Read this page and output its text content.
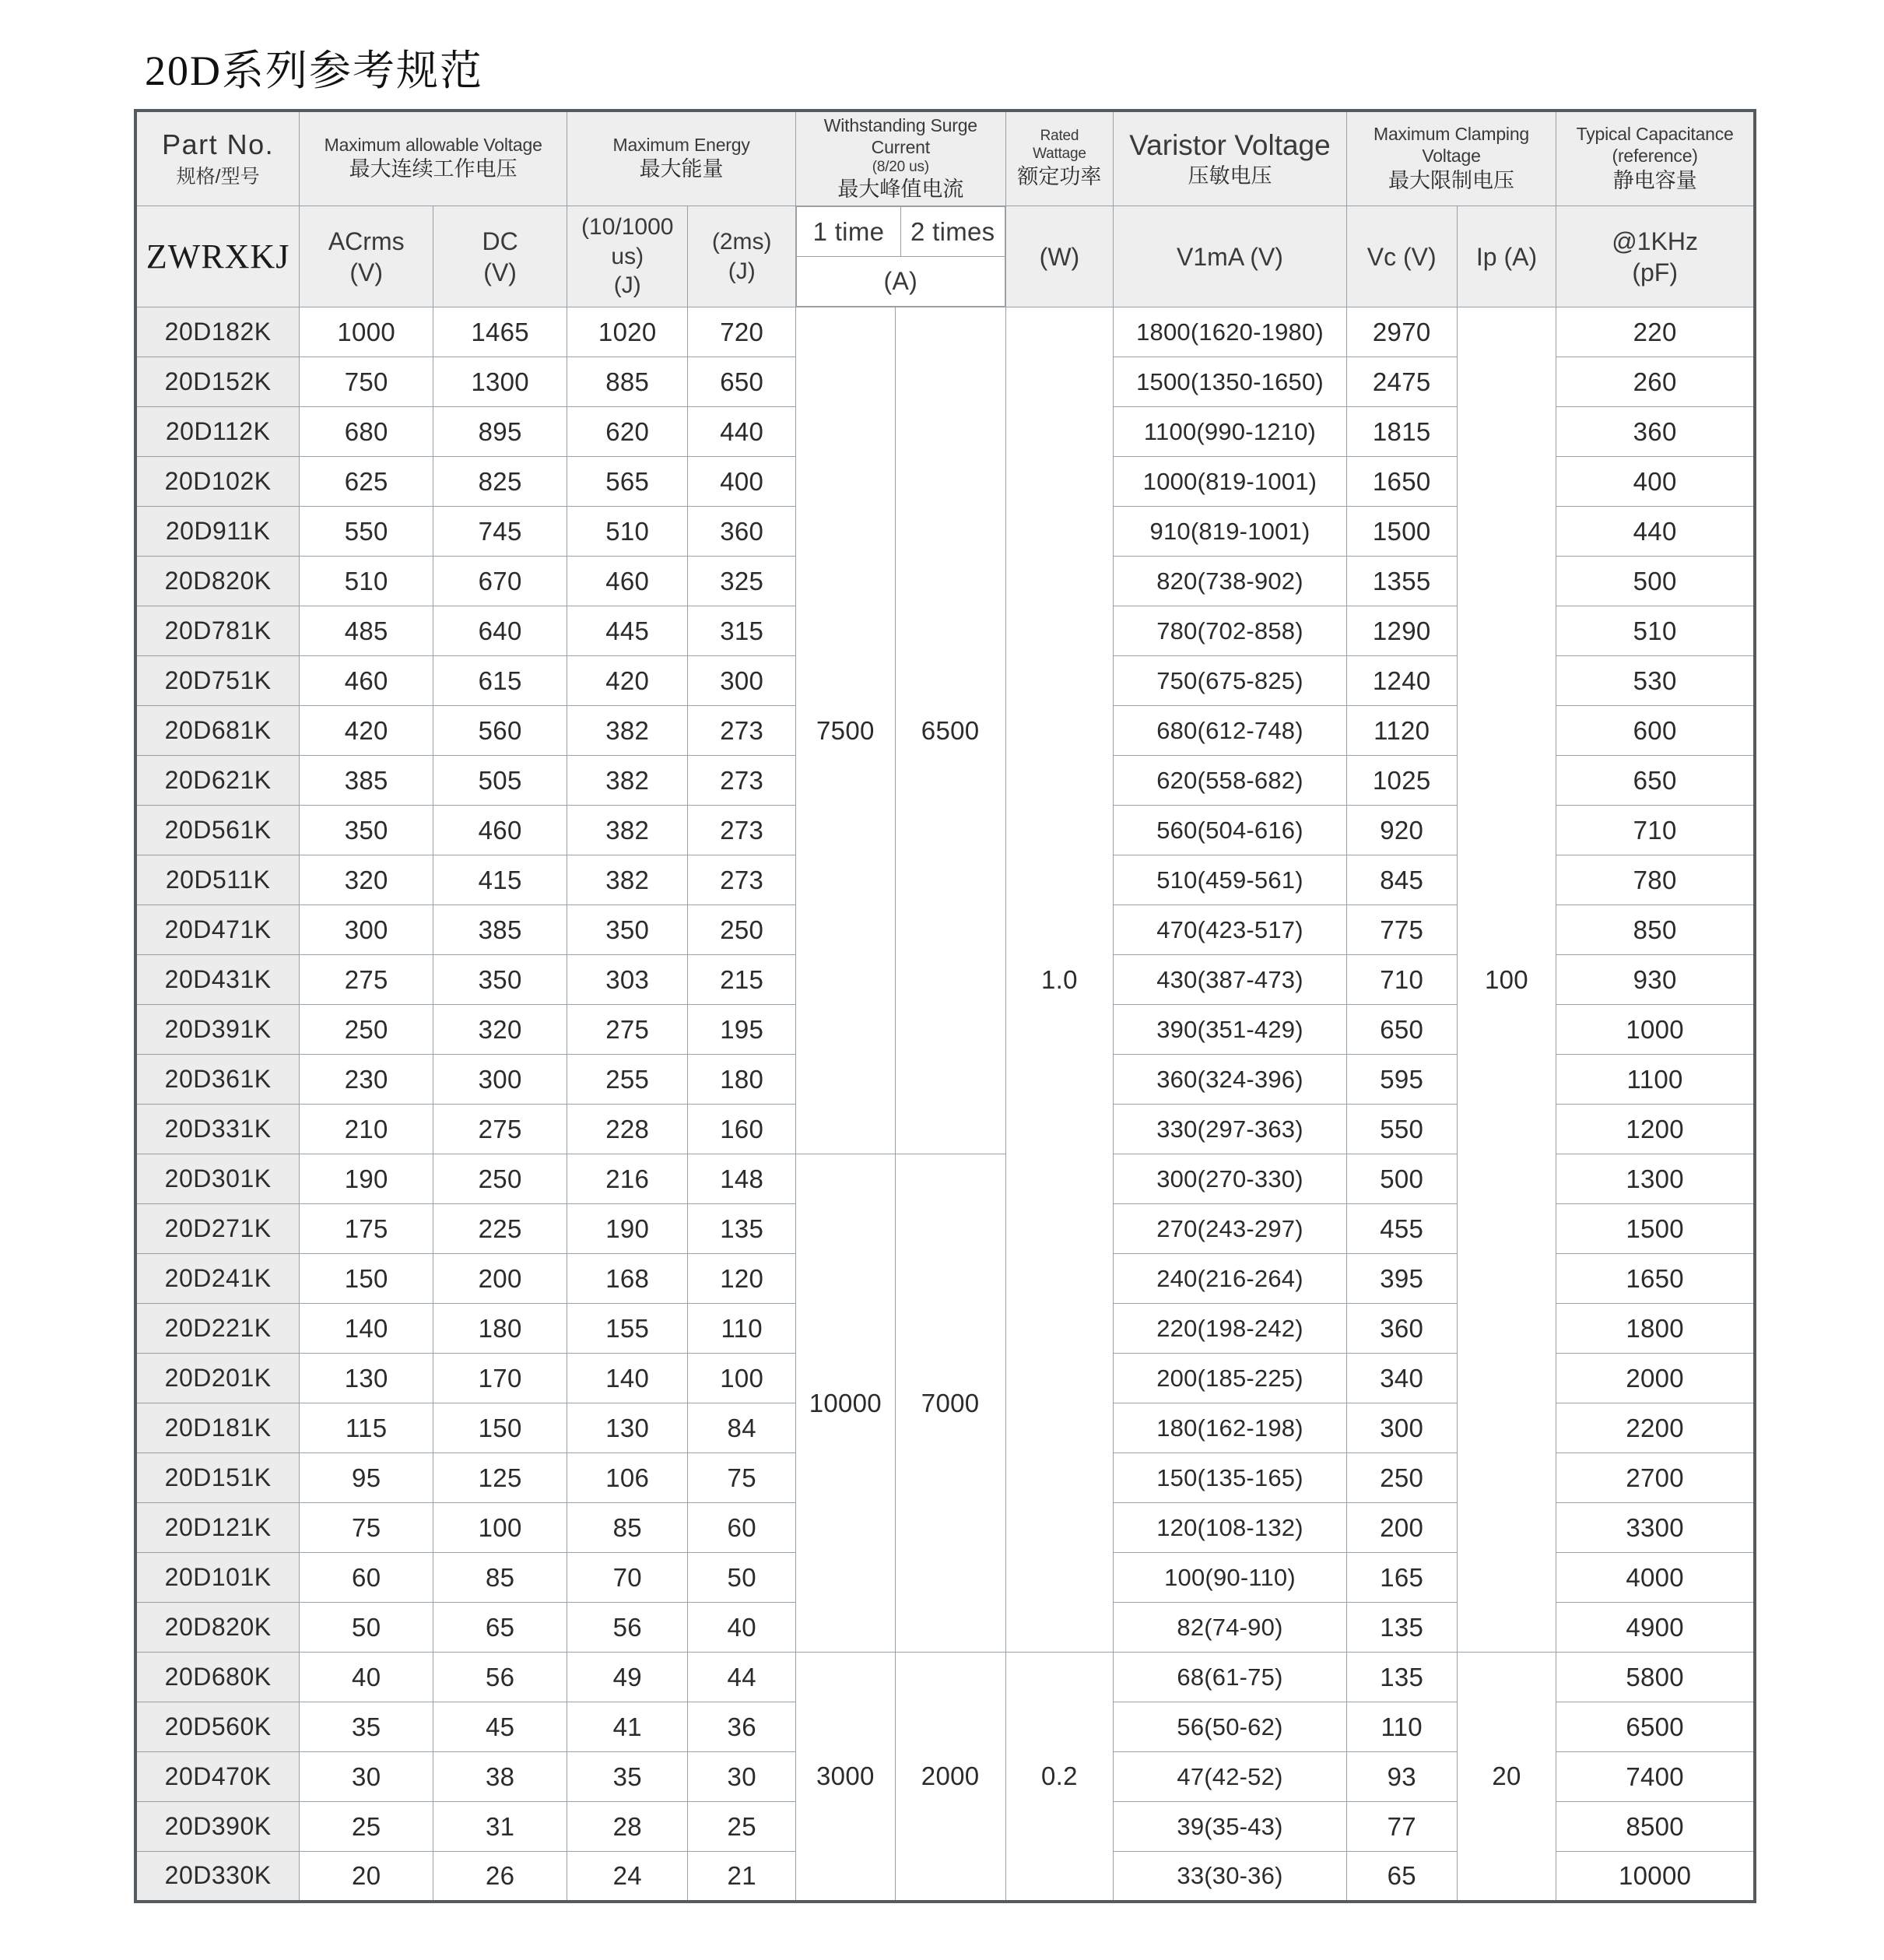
20D系列参考规范
Part No.
规格/型号

Maximum allowable Voltage
最大连续工作电压

Maximum Energy
最大能量

Withstanding Surge Current
(8/20 us)
最大峰值电流

Rated
Wattage
额定功率

Varistor Voltage
压敏电压

Maximum Clamping Voltage
最大限制电压

Typical Capacitance (reference)
静电容量

ZWRXKJ	ACrms
(V)

DC
(V)

(10/1000 us)
(J)

(2ms)
(J)

1 time	2 times
(A)

(W)	V1mA (V)	Vc (V)	Ip (A)

@1KHz
(pF)

20D182K	1000	1465	1020	720	7500	6500	1.0	1800(1620-1980)	2970	100	220
20D152K	750	1300	885	650	1500(1350-1650)	2475	260
20D112K	680	895	620	440	1100(990-1210)	1815	360
20D102K	625	825	565	400	1000(819-1001)	1650	400
20D911K	550	745	510	360	910(819-1001)	1500	440
20D820K	510	670	460	325	820(738-902)	1355	500
20D781K	485	640	445	315	780(702-858)	1290	510
20D751K	460	615	420	300	750(675-825)	1240	530
20D681K	420	560	382	273	680(612-748)	1120	600
20D621K	385	505	382	273	620(558-682)	1025	650
20D561K	350	460	382	273	560(504-616)	920	710
20D511K	320	415	382	273	510(459-561)	845	780
20D471K	300	385	350	250	470(423-517)	775	850
20D431K	275	350	303	215	430(387-473)	710	930
20D391K	250	320	275	195	390(351-429)	650	1000
20D361K	230	300	255	180	360(324-396)	595	1100
20D331K	210	275	228	160	330(297-363)	550	1200
20D301K	190	250	216	148	10000	7000	300(270-330)	500	1300
20D271K	175	225	190	135	270(243-297)	455	1500
20D241K	150	200	168	120	240(216-264)	395	1650
20D221K	140	180	155	110	220(198-242)	360	1800
20D201K	130	170	140	100	200(185-225)	340	2000
20D181K	115	150	130	84	180(162-198)	300	2200
20D151K	95	125	106	75	150(135-165)	250	2700
20D121K	75	100	85	60	120(108-132)	200	3300
20D101K	60	85	70	50	100(90-110)	165	4000
20D820K	50	65	56	40	82(74-90)	135	4900
20D680K	40	56	49	44	3000	2000	0.2	68(61-75)	135	20	5800
20D560K	35	45	41	36	56(50-62)	110	6500
20D470K	30	38	35	30	47(42-52)	93	7400
20D390K	25	31	28	25	39(35-43)	77	8500
20D330K	20	26	24	21	33(30-36)	65	10000
